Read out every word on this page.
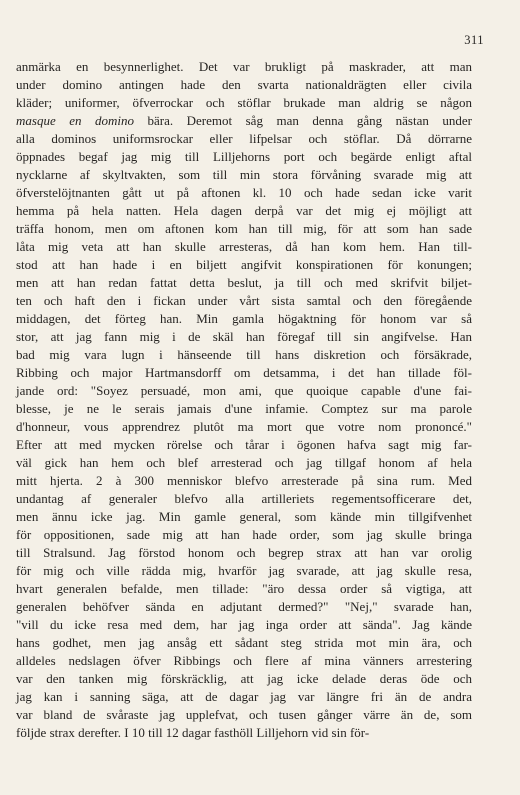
311
anmärka en besynnerlighet. Det var brukligt på maskrader, att man
under domino antingen hade den svarta nationaldrägten eller civila
kläder; uniformer, öfverrockar och stöflar brukade man aldrig se någon
masque en domino bära. Deremot såg man denna gång nästan under
alla dominos uniformsrockar eller lifpelsar och stöflar. Då dörrarne
öppnades begaf jag mig till Lilljehorns port och begärde enligt aftal
nycklarne af skyltvakten, som till min stora förvåning svarade mig att
öfverstelöjtnanten gått ut på aftonen kl. 10 och hade sedan icke varit
hemma på hela natten. Hela dagen derpå var det mig ej möjligt att
träffa honom, men om aftonen kom han till mig, för att som han sade
låta mig veta att han skulle arresteras, då han kom hem. Han till-
stod att han hade i en biljett angifvit konspirationen för konungen;
men att han redan fattat detta beslut, ja till och med skrifvit biljet-
ten och haft den i fickan under vårt sista samtal och den föregående
middagen, det förteg han. Min gamla högaktning för honom var så
stor, att jag fann mig i de skäl han föregaf till sin angifvelse. Han
bad mig vara lugn i hänseende till hans diskretion och försäkrade,
Ribbing och major Hartmansdorff om detsamma, i det han tillade föl-
jande ord: "Soyez persuadé, mon ami, que quoique capable d'une fai-
blesse, je ne le serais jamais d'une infamie. Comptez sur ma parole
d'honneur, vous apprendrez plutôt ma mort que votre nom prononcé."
Efter att med mycken rörelse och tårar i ögonen hafva sagt mig far-
väl gick han hem och blef arresterad och jag tillgaf honom af hela
mitt hjerta. 2 à 300 menniskor blefvo arresterade på sina rum. Med
undantag af generaler blefvo alla artilleriets regementsofficerare det,
men ännu icke jag. Min gamle general, som kände min tillgifvenhet
för oppositionen, sade mig att han hade order, som jag skulle bringa
till Stralsund. Jag förstod honom och begrep strax att han var orolig
för mig och ville rädda mig, hvarför jag svarade, att jag skulle resa,
hvart generalen befalde, men tillade: "äro dessa order så vigtiga, att
generalen behöfver sända en adjutant dermed?" "Nej," svarade han,
"vill du icke resa med dem, har jag inga order att sända". Jag kände
hans godhet, men jag ansåg ett sådant steg strida mot min ära, och
alldeles nedslagen öfver Ribbings och flere af mina vänners arrestering
var den tanken mig förskräcklig, att jag icke delade deras öde och
jag kan i sanning säga, att de dagar jag var längre fri än de andra
var bland de svåraste jag upplefvat, och tusen gånger värre än de, som
följde strax derefter. I 10 till 12 dagar fasthöll Lilljehorn vid sin för-
